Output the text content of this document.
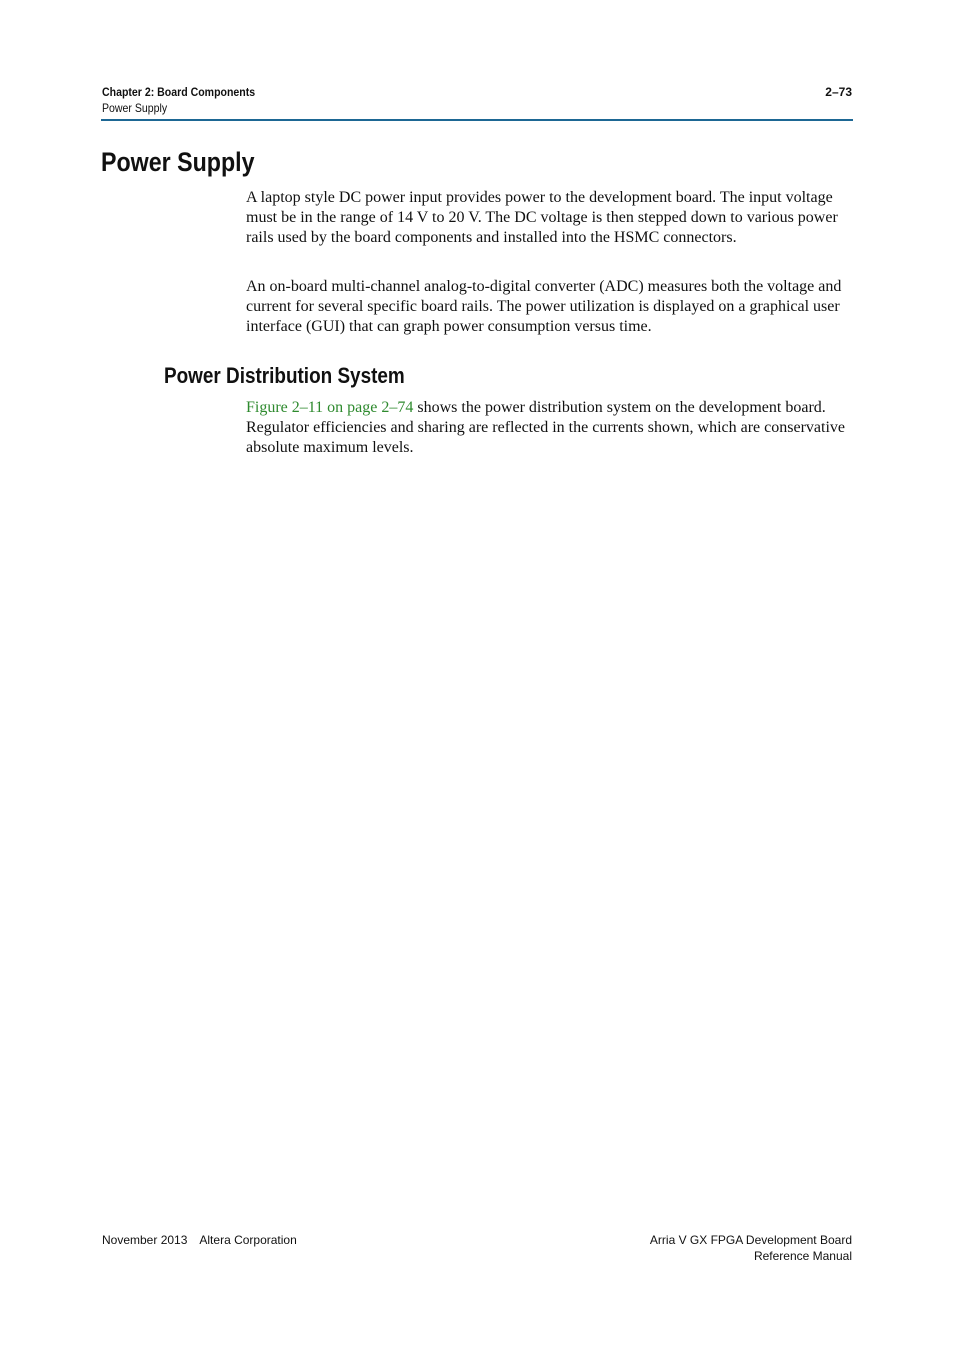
Chapter 2: Board Components
Power Supply
2–73
Power Supply

A laptop style DC power input provides power to the development board. The input voltage must be in the range of 14 V to 20 V. The DC voltage is then stepped down to various power rails used by the board components and installed into the HSMC connectors.

An on-board multi-channel analog-to-digital converter (ADC) measures both the voltage and current for several specific board rails. The power utilization is displayed on a graphical user interface (GUI) that can graph power consumption versus time.

Power Distribution System

Figure 2–11 on page 2–74 shows the power distribution system on the development board. Regulator efficiencies and sharing are reflected in the currents shown, which are conservative absolute maximum levels.

November 2013 Altera Corporation	Arria V GX FPGA Development Board
Reference Manual
